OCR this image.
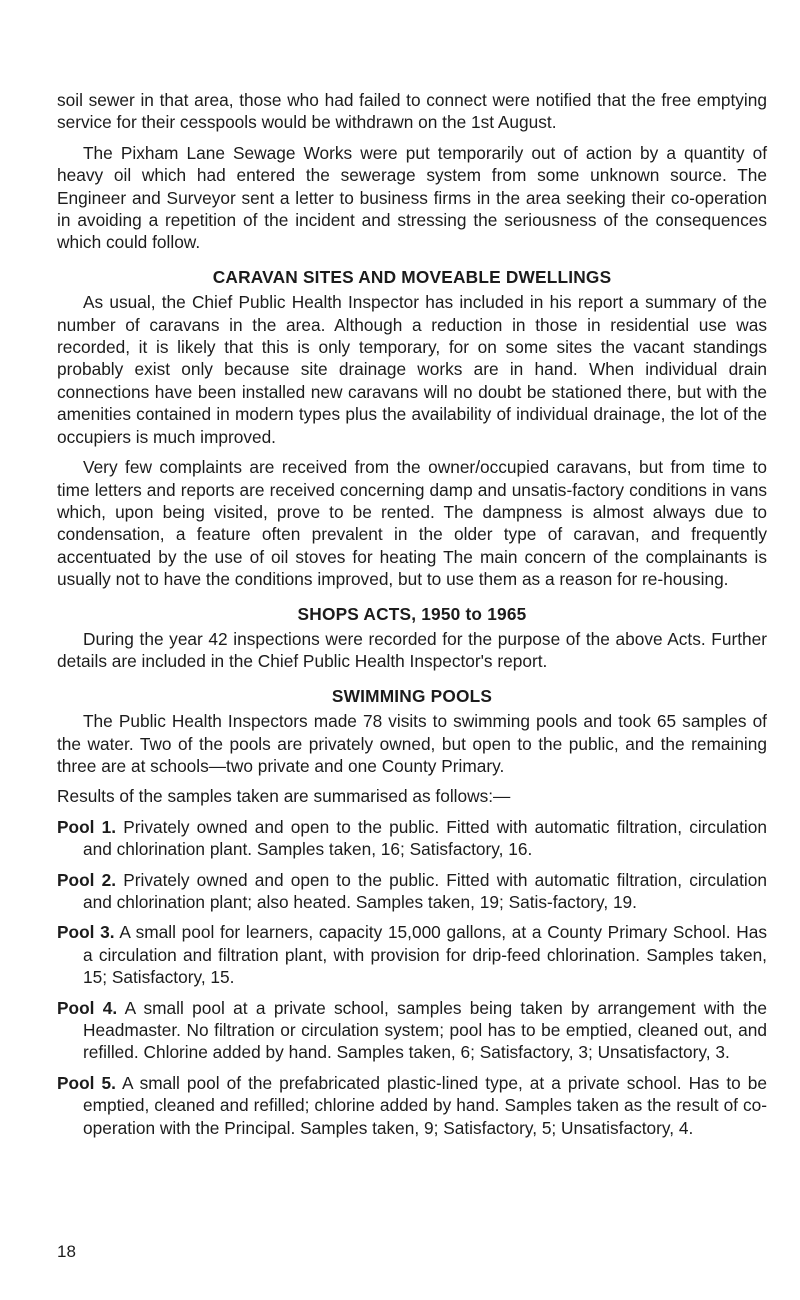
soil sewer in that area, those who had failed to connect were notified that the free emptying service for their cesspools would be withdrawn on the 1st August.

The Pixham Lane Sewage Works were put temporarily out of action by a quantity of heavy oil which had entered the sewerage system from some unknown source. The Engineer and Surveyor sent a letter to business firms in the area seeking their co-operation in avoiding a repetition of the incident and stressing the seriousness of the consequences which could follow.

CARAVAN SITES AND MOVEABLE DWELLINGS

As usual, the Chief Public Health Inspector has included in his report a summary of the number of caravans in the area. Although a reduction in those in residential use was recorded, it is likely that this is only temporary, for on some sites the vacant standings probably exist only because site drainage works are in hand. When individual drain connections have been installed new caravans will no doubt be stationed there, but with the amenities contained in modern types plus the availability of individual drainage, the lot of the occupiers is much improved.

Very few complaints are received from the owner/occupied caravans, but from time to time letters and reports are received concerning damp and unsatis-factory conditions in vans which, upon being visited, prove to be rented. The dampness is almost always due to condensation, a feature often prevalent in the older type of caravan, and frequently accentuated by the use of oil stoves for heating The main concern of the complainants is usually not to have the conditions improved, but to use them as a reason for re-housing.

SHOPS ACTS, 1950 to 1965

During the year 42 inspections were recorded for the purpose of the above Acts. Further details are included in the Chief Public Health Inspector's report.

SWIMMING POOLS

The Public Health Inspectors made 78 visits to swimming pools and took 65 samples of the water. Two of the pools are privately owned, but open to the public, and the remaining three are at schools—two private and one County Primary.

Results of the samples taken are summarised as follows:—

Pool 1. Privately owned and open to the public. Fitted with automatic filtration, circulation and chlorination plant. Samples taken, 16; Satisfactory, 16.
Pool 2. Privately owned and open to the public. Fitted with automatic filtration, circulation and chlorination plant; also heated. Samples taken, 19; Satis-factory, 19.
Pool 3. A small pool for learners, capacity 15,000 gallons, at a County Primary School. Has a circulation and filtration plant, with provision for drip-feed chlorination. Samples taken, 15; Satisfactory, 15.
Pool 4. A small pool at a private school, samples being taken by arrangement with the Headmaster. No filtration or circulation system; pool has to be emptied, cleaned out, and refilled. Chlorine added by hand. Samples taken, 6; Satisfactory, 3; Unsatisfactory, 3.
Pool 5. A small pool of the prefabricated plastic-lined type, at a private school. Has to be emptied, cleaned and refilled; chlorine added by hand. Samples taken as the result of co-operation with the Principal. Samples taken, 9; Satisfactory, 5; Unsatisfactory, 4.
18
